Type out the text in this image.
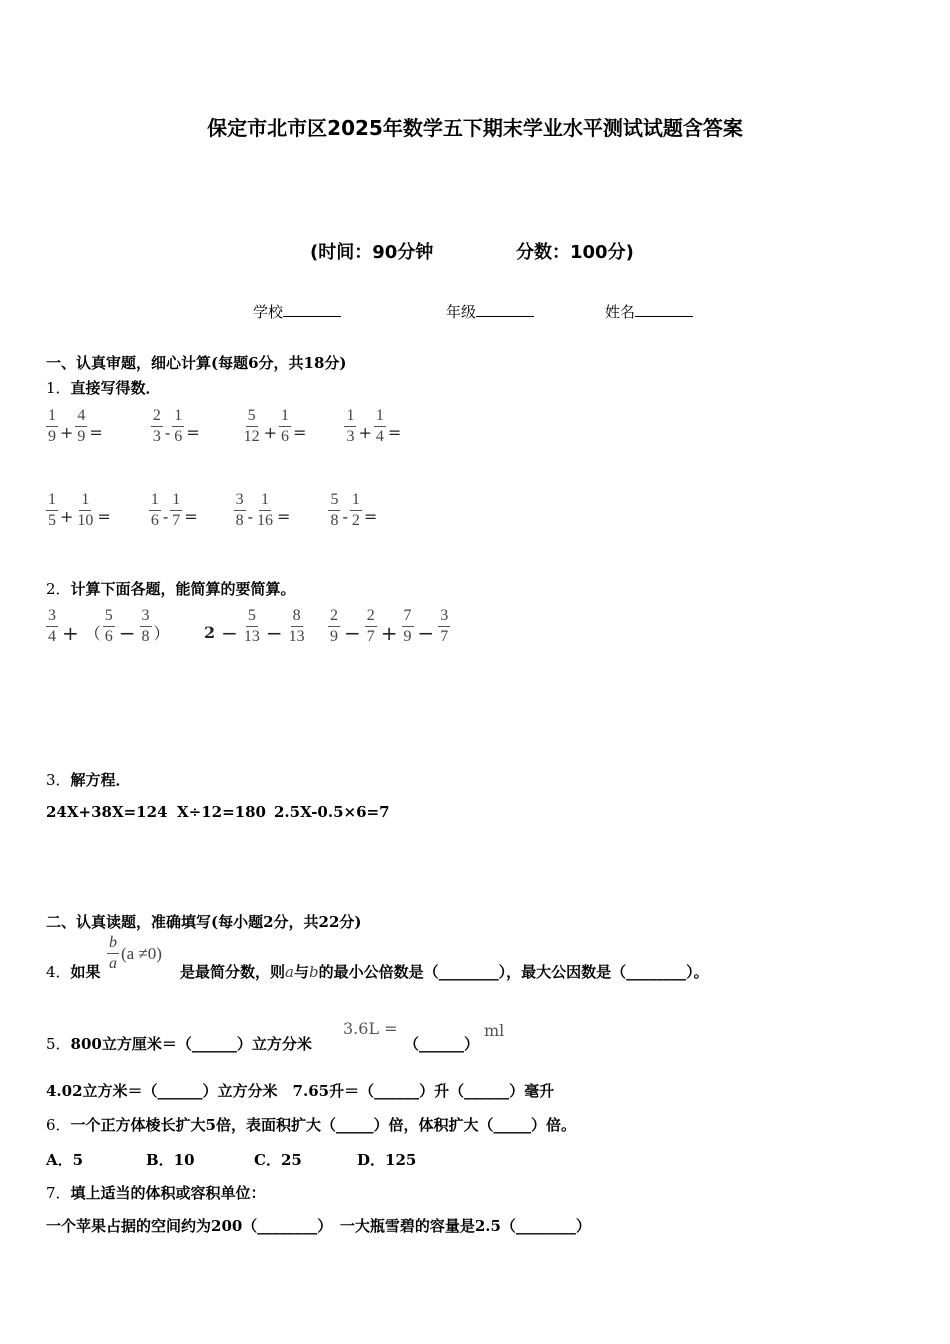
保定市北市区2025年数学五下期末学业水平测试试题含答案
(时间：90分钟	分数：100分)
学校	年级	姓名
一、认真审题，细心计算(每题6分，共18分)
1．直接写得数．
$\frac{1}{9} + \frac{4}{9}$ =	$\frac{2}{3} - \frac{1}{6}$ =	$\frac{5}{12} + \frac{1}{6} = \frac{1}{3} + \frac{1}{4}$ =
$\frac{1}{5} + \frac{1}{10} = \frac{1}{6} - \frac{1}{7} = \frac{3}{8} - \frac{1}{16} = \frac{5}{8} - \frac{1}{2}$ =
2．计算下面各题，能简算的要简算。
$\frac{3}{4}$ + （ $\frac{5}{6} - \frac{3}{8}$ ） $2 - \frac{5}{13} - \frac{8}{13} \frac{2}{9} - \frac{2}{7} + \frac{7}{9} - \frac{3}{7}$
3．解方程．
24X+38X=124 X÷12=180 2.5X-0.5×6=7
二、认真读题，准确填写(每小题2分，共22分)
4．如果 $\frac{b}{a} (a \ne 0)$
是最简分数，则a与b的最小公倍数是（________），最大公因数是（________）。
5．800立方厘米＝（______）立方分米
3.6L =
（______）
ml
4.02立方米＝（______）立方分米　7.65升＝（______）升（______）毫升
6．一个正方体棱长扩大5倍，表面积扩大（_____）倍，体积扩大（_____）倍。
A．5	B．10	C．25	D．125
7．填上适当的体积或容积单位：
一个苹果占据的空间约为200（________）　一大瓶雪碧的容量是2.5（________）
